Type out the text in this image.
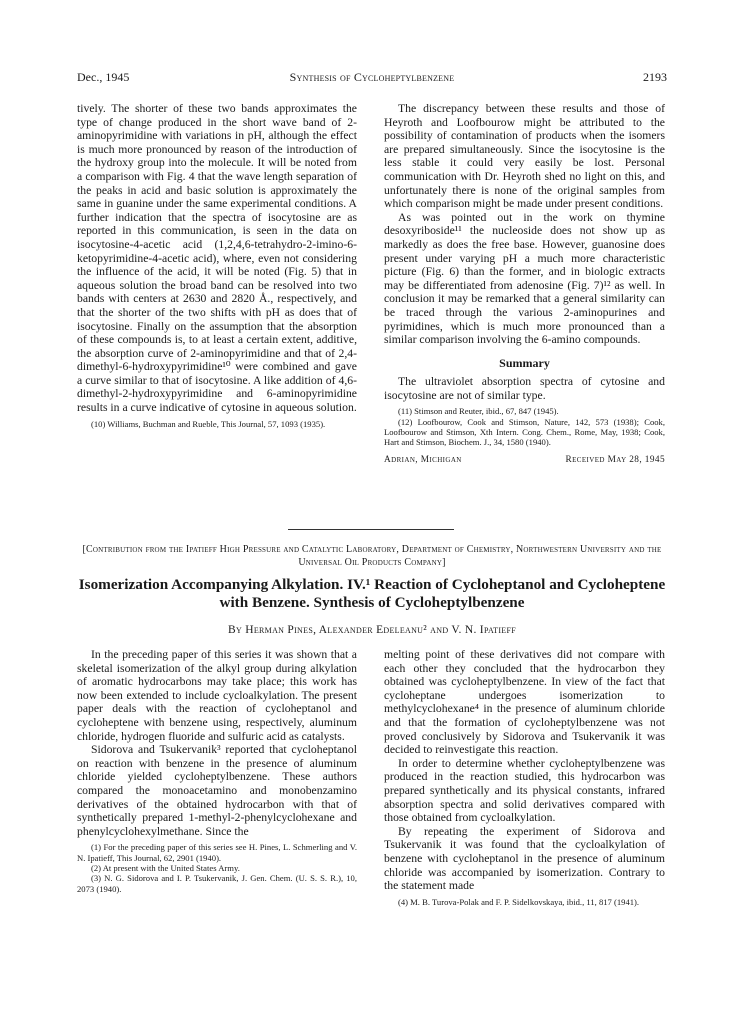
Dec., 1945	Synthesis of Cycloheptylbenzene	2193

tively. The shorter of these two bands approximates the type of change produced in the short wave band of 2-aminopyrimidine with variations in pH, although the effect is much more pronounced by reason of the introduction of the hydroxy group into the molecule. It will be noted from a comparison with Fig. 4 that the wave length separation of the peaks in acid and basic solution is approximately the same in guanine under the same experimental conditions. A further indication that the spectra of isocytosine are as reported in this communication, is seen in the data on isocytosine-4-acetic acid (1,2,4,6-tetrahydro-2-imino-6-ketopyrimidine-4-acetic acid), where, even not considering the influence of the acid, it will be noted (Fig. 5) that in aqueous solution the broad band can be resolved into two bands with centers at 2630 and 2820 Å., respectively, and that the shorter of the two shifts with pH as does that of isocytosine. Finally on the assumption that the absorption of these compounds is, to at least a certain extent, additive, the absorption curve of 2-aminopyrimidine and that of 2,4-dimethyl-6-hydroxypyrimidine¹⁰ were combined and gave a curve similar to that of isocytosine. A like addition of 4,6-dimethyl-2-hydroxypyrimidine and 6-aminopyrimidine results in a curve indicative of cytosine in aqueous solution.

(10) Williams, Buchman and Rueble, This Journal, 57, 1093 (1935).

The discrepancy between these results and those of Heyroth and Loofbourow might be attributed to the possibility of contamination of products when the isomers are prepared simultaneously. Since the isocytosine is the less stable it could very easily be lost. Personal communication with Dr. Heyroth shed no light on this, and unfortunately there is none of the original samples from which comparison might be made under present conditions.

As was pointed out in the work on thymine desoxyriboside¹¹ the nucleoside does not show up as markedly as does the free base. However, guanosine does present under varying pH a much more characteristic picture (Fig. 6) than the former, and in biologic extracts may be differentiated from adenosine (Fig. 7)¹² as well. In conclusion it may be remarked that a general similarity can be traced through the various 2-aminopurines and pyrimidines, which is much more pronounced than a similar comparison involving the 6-amino compounds.

Summary

The ultraviolet absorption spectra of cytosine and isocytosine are not of similar type.

(11) Stimson and Reuter, ibid., 67, 847 (1945).

(12) Loofbourow, Cook and Stimson, Nature, 142, 573 (1938); Cook, Loofbourow and Stimson, Xth Intern. Cong. Chem., Rome, May, 1938; Cook, Hart and Stimson, Biochem. J., 34, 1580 (1940).

Adrian, Michigan	Received May 28, 1945
[Contribution from the Ipatieff High Pressure and Catalytic Laboratory, Department of Chemistry, Northwestern University and the Universal Oil Products Company]
Isomerization Accompanying Alkylation. IV.¹ Reaction of Cycloheptanol and Cycloheptene with Benzene. Synthesis of Cycloheptylbenzene
By Herman Pines, Alexander Edeleanu² and V. N. Ipatieff

In the preceding paper of this series it was shown that a skeletal isomerization of the alkyl group during alkylation of aromatic hydrocarbons may take place; this work has now been extended to include cycloalkylation. The present paper deals with the reaction of cycloheptanol and cycloheptene with benzene using, respectively, aluminum chloride, hydrogen fluoride and sulfuric acid as catalysts.

Sidorova and Tsukervanik³ reported that cycloheptanol on reaction with benzene in the presence of aluminum chloride yielded cycloheptylbenzene. These authors compared the monoacetamino and monobenzamino derivatives of the obtained hydrocarbon with that of synthetically prepared 1-methyl-2-phenylcyclohexane and phenylcyclohexylmethane. Since the

(1) For the preceding paper of this series see H. Pines, L. Schmerling and V. N. Ipatieff, This Journal, 62, 2901 (1940).

(2) At present with the United States Army.

(3) N. G. Sidorova and I. P. Tsukervanik, J. Gen. Chem. (U. S. S. R.), 10, 2073 (1940).

melting point of these derivatives did not compare with each other they concluded that the hydrocarbon they obtained was cycloheptylbenzene. In view of the fact that cycloheptane undergoes isomerization to methylcyclohexane⁴ in the presence of aluminum chloride and that the formation of cycloheptylbenzene was not proved conclusively by Sidorova and Tsukervanik it was decided to reinvestigate this reaction.

In order to determine whether cycloheptylbenzene was produced in the reaction studied, this hydrocarbon was prepared synthetically and its physical constants, infrared absorption spectra and solid derivatives compared with those obtained from cycloalkylation.

By repeating the experiment of Sidorova and Tsukervanik it was found that the cycloalkylation of benzene with cycloheptanol in the presence of aluminum chloride was accompanied by isomerization. Contrary to the statement made

(4) M. B. Turova-Polak and F. P. Sidelkovskaya, ibid., 11, 817 (1941).
